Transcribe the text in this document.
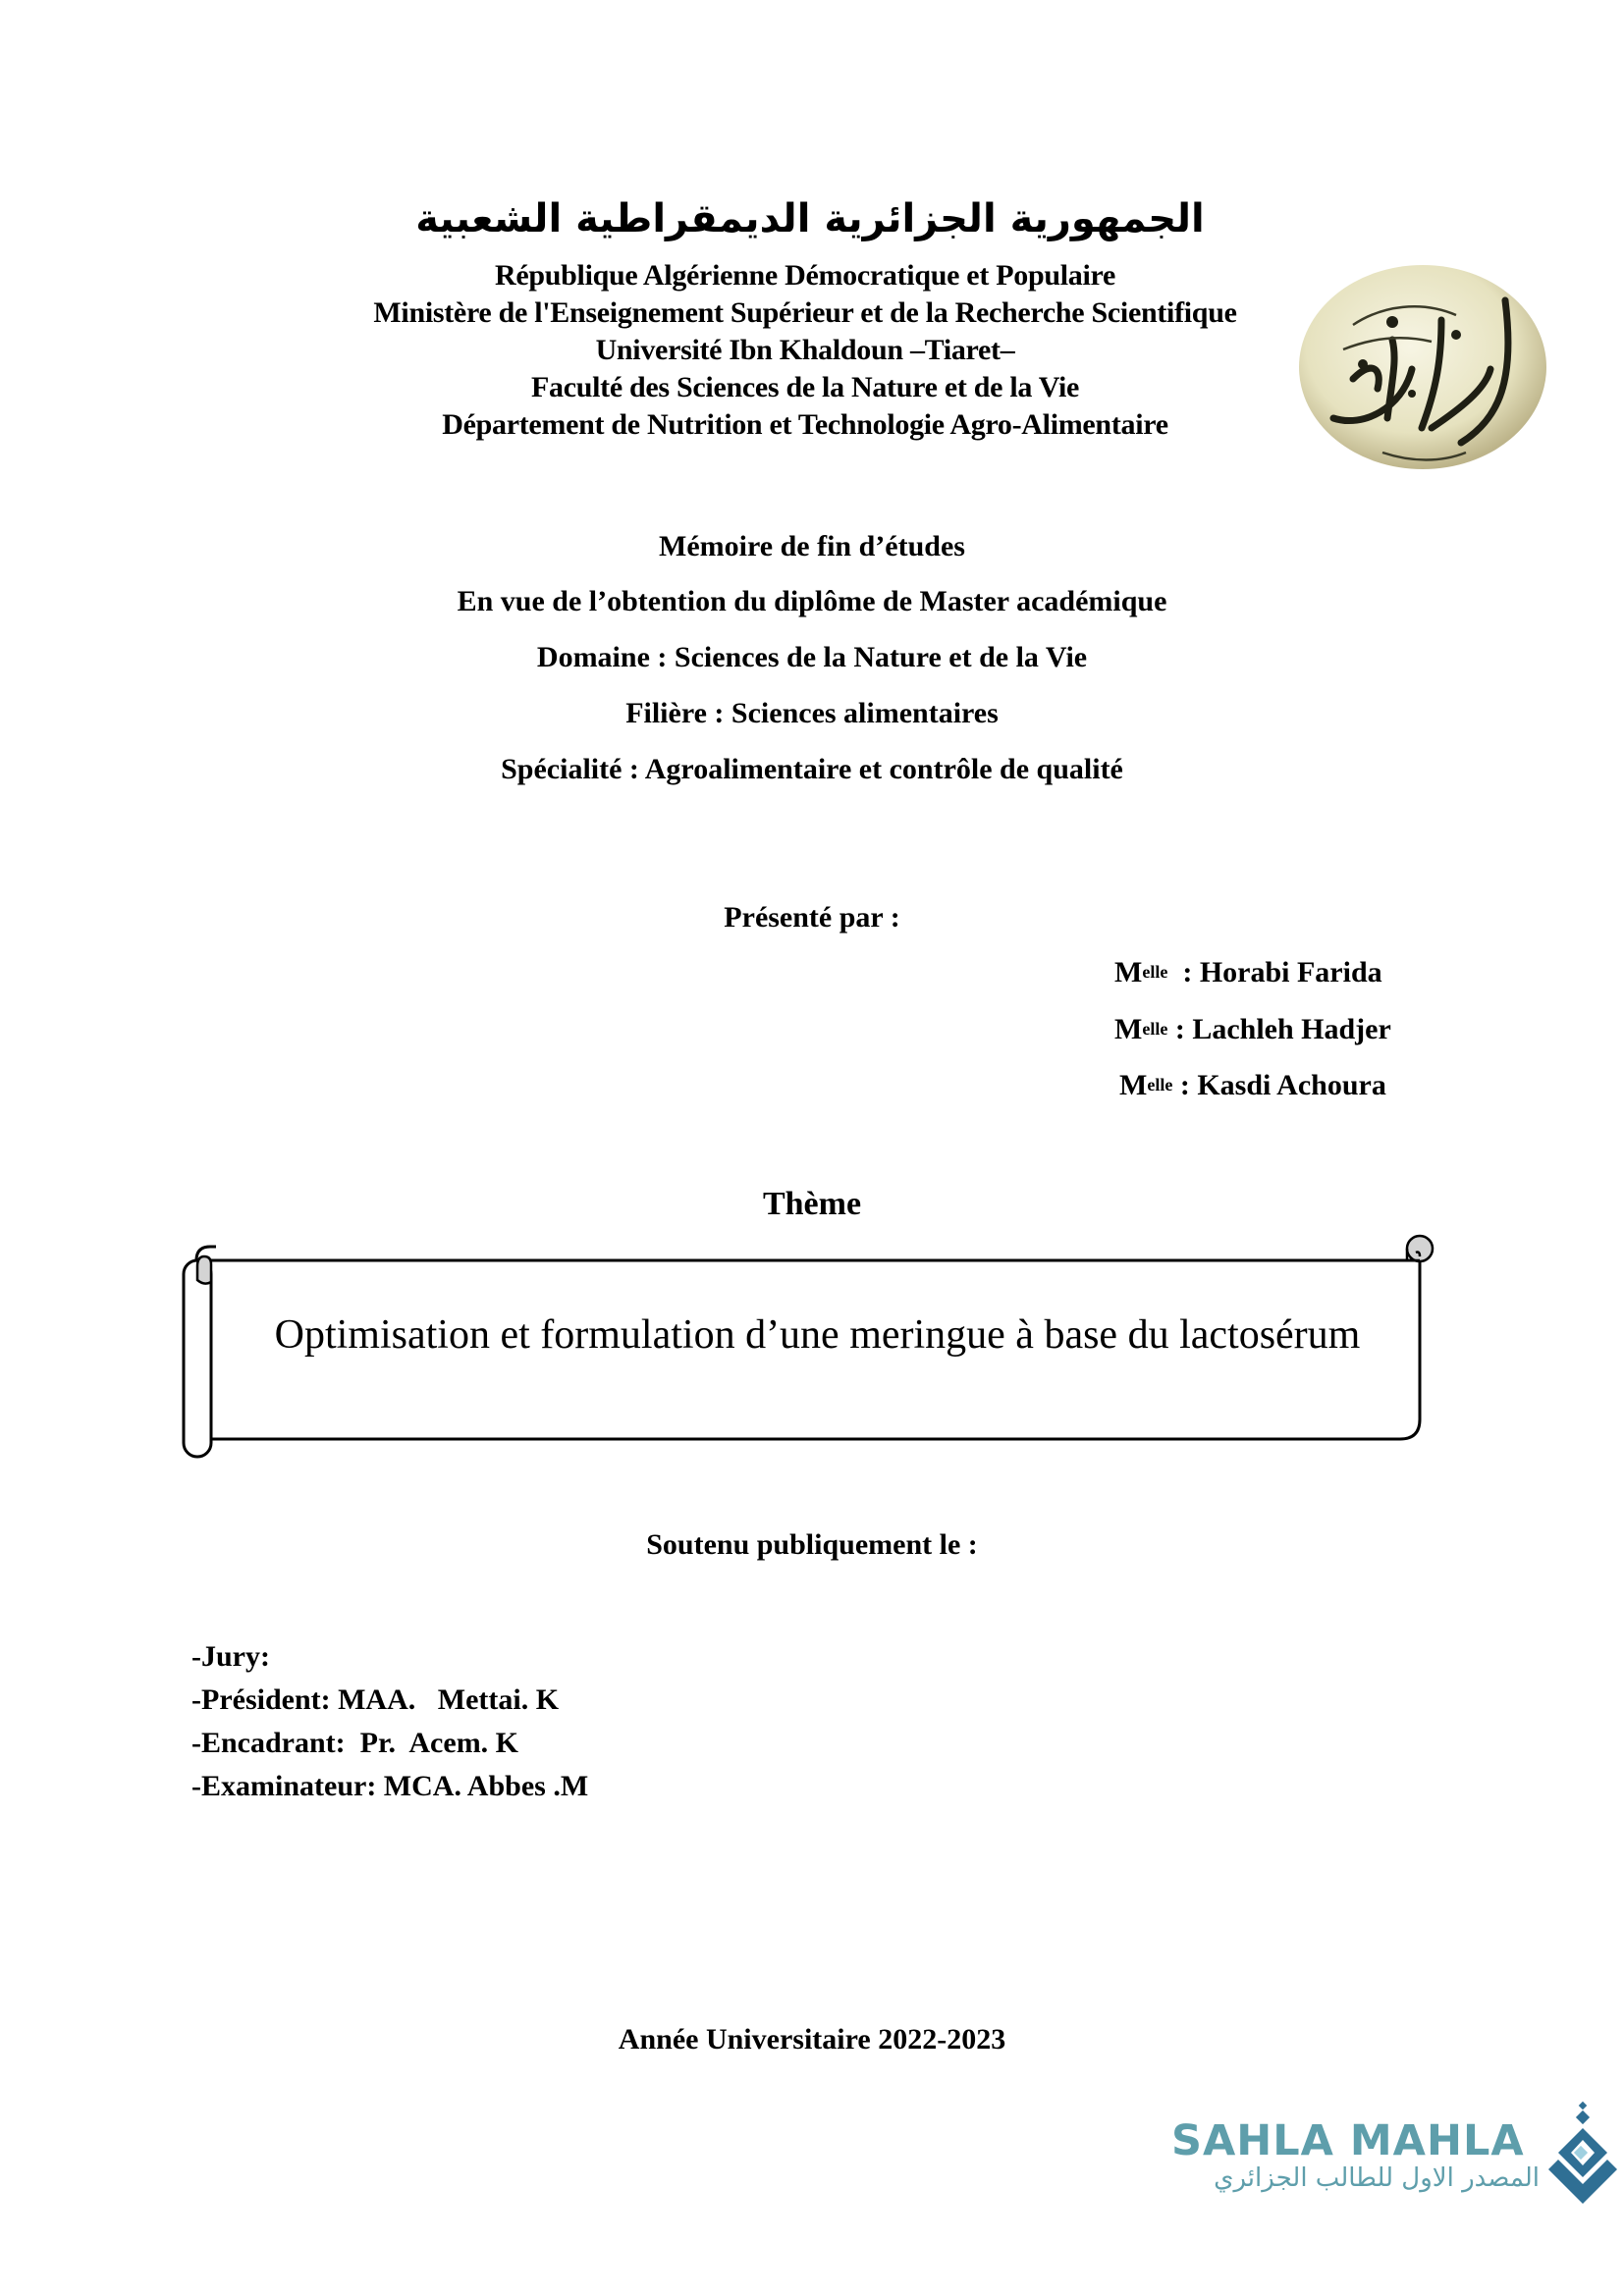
الجمهورية الجزائرية الديمقراطية الشعبية
République Algérienne Démocratique et Populaire
Ministère de l'Enseignement Supérieur et de la Recherche Scientifique
Université Ibn Khaldoun –Tiaret–
Faculté des Sciences de la Nature et de la Vie
Département de Nutrition et Technologie Agro-Alimentaire
Mémoire de fin d’études
En vue de l’obtention du diplôme de Master académique
Domaine : Sciences de la Nature et de la Vie
Filière : Sciences alimentaires
Spécialité : Agroalimentaire et contrôle de qualité
Présenté par :
$M^{elle}$  : Horabi Farida
$M^{elle}$ : Lachleh Hadjer
$M^{elle}$ : Kasdi Achoura
Thème
Optimisation et formulation d’une meringue à base du lactosérum
Soutenu publiquement le :
-Jury:
-Président: MAA.   Mettai. K
-Encadrant:  Pr.  Acem. K
-Examinateur: MCA. Abbes .M
Année Universitaire 2022-2023
SAHLA MAHLA
المصدر الاول للطالب الجزائري
